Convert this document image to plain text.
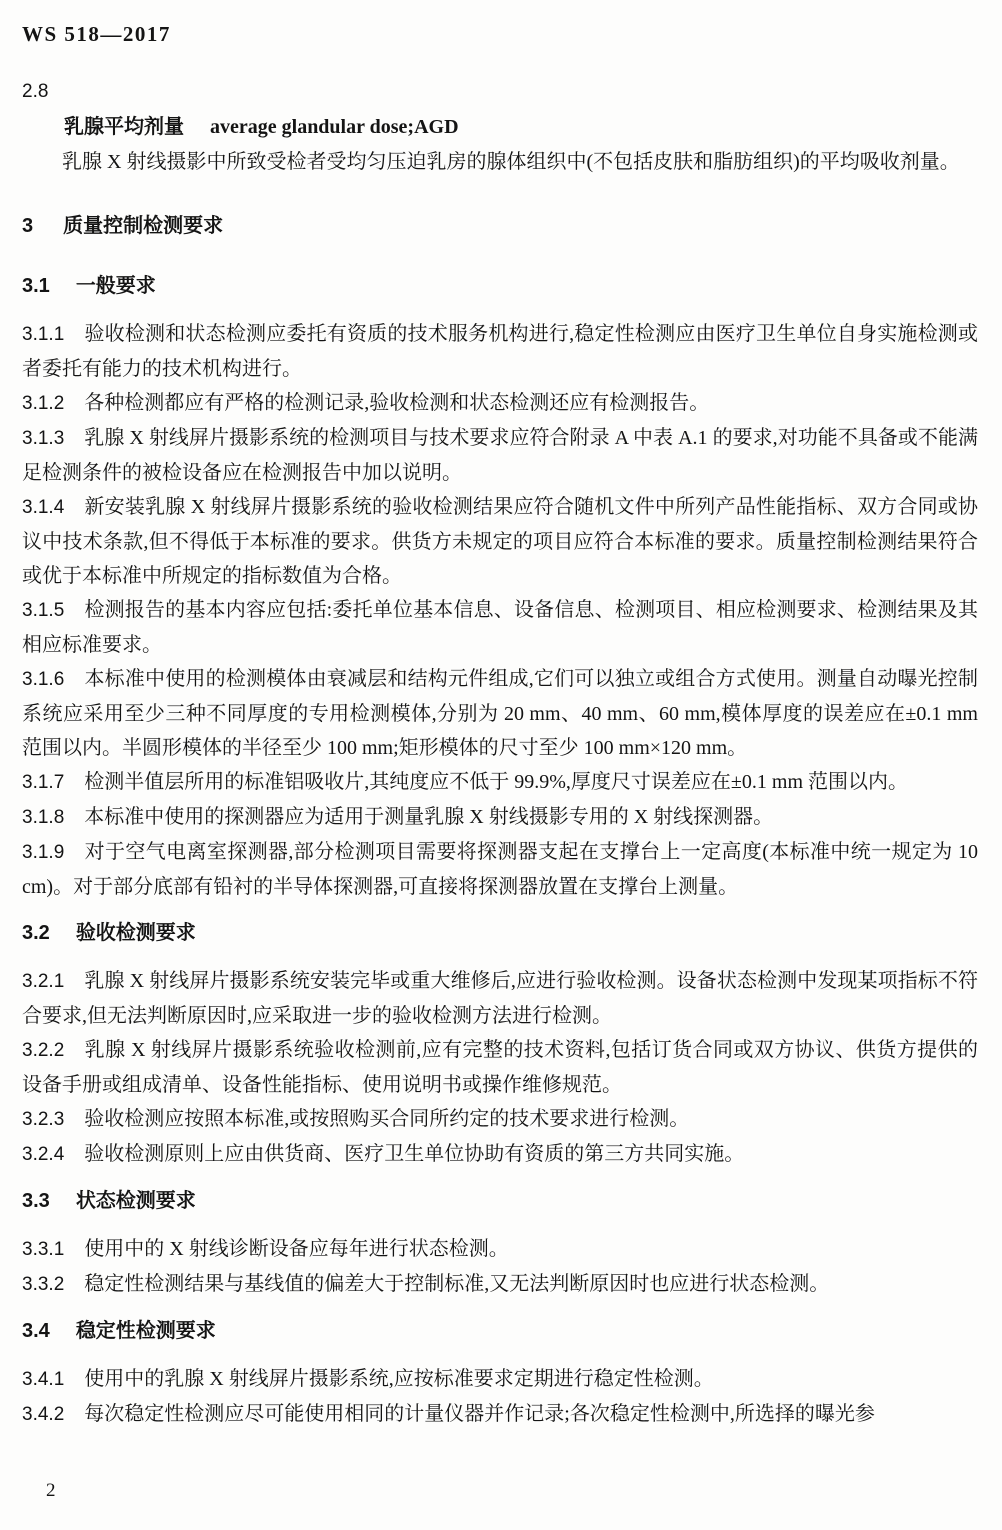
WS 518—2017
2.8
乳腺平均剂量 average glandular dose;AGD

乳腺 X 射线摄影中所致受检者受均匀压迫乳房的腺体组织中(不包括皮肤和脂肪组织)的平均吸收剂量。

3 质量控制检测要求
3.1 一般要求

3.1.1 验收检测和状态检测应委托有资质的技术服务机构进行,稳定性检测应由医疗卫生单位自身实施检测或者委托有能力的技术机构进行。

3.1.2 各种检测都应有严格的检测记录,验收检测和状态检测还应有检测报告。

3.1.3 乳腺 X 射线屏片摄影系统的检测项目与技术要求应符合附录 A 中表 A.1 的要求,对功能不具备或不能满足检测条件的被检设备应在检测报告中加以说明。

3.1.4 新安装乳腺 X 射线屏片摄影系统的验收检测结果应符合随机文件中所列产品性能指标、双方合同或协议中技术条款,但不得低于本标准的要求。供货方未规定的项目应符合本标准的要求。质量控制检测结果符合或优于本标准中所规定的指标数值为合格。

3.1.5 检测报告的基本内容应包括:委托单位基本信息、设备信息、检测项目、相应检测要求、检测结果及其相应标准要求。

3.1.6 本标准中使用的检测模体由衰减层和结构元件组成,它们可以独立或组合方式使用。测量自动曝光控制系统应采用至少三种不同厚度的专用检测模体,分别为 20 mm、40 mm、60 mm,模体厚度的误差应在±0.1 mm 范围以内。半圆形模体的半径至少 100 mm;矩形模体的尺寸至少 100 mm×120 mm。

3.1.7 检测半值层所用的标准铝吸收片,其纯度应不低于 99.9%,厚度尺寸误差应在±0.1 mm 范围以内。

3.1.8 本标准中使用的探测器应为适用于测量乳腺 X 射线摄影专用的 X 射线探测器。

3.1.9 对于空气电离室探测器,部分检测项目需要将探测器支起在支撑台上一定高度(本标准中统一规定为 10 cm)。对于部分底部有铅衬的半导体探测器,可直接将探测器放置在支撑台上测量。

3.2 验收检测要求

3.2.1 乳腺 X 射线屏片摄影系统安装完毕或重大维修后,应进行验收检测。设备状态检测中发现某项指标不符合要求,但无法判断原因时,应采取进一步的验收检测方法进行检测。

3.2.2 乳腺 X 射线屏片摄影系统验收检测前,应有完整的技术资料,包括订货合同或双方协议、供货方提供的设备手册或组成清单、设备性能指标、使用说明书或操作维修规范。

3.2.3 验收检测应按照本标准,或按照购买合同所约定的技术要求进行检测。

3.2.4 验收检测原则上应由供货商、医疗卫生单位协助有资质的第三方共同实施。

3.3 状态检测要求

3.3.1 使用中的 X 射线诊断设备应每年进行状态检测。

3.3.2 稳定性检测结果与基线值的偏差大于控制标准,又无法判断原因时也应进行状态检测。

3.4 稳定性检测要求

3.4.1 使用中的乳腺 X 射线屏片摄影系统,应按标准要求定期进行稳定性检测。

3.4.2 每次稳定性检测应尽可能使用相同的计量仪器并作记录;各次稳定性检测中,所选择的曝光参

2
